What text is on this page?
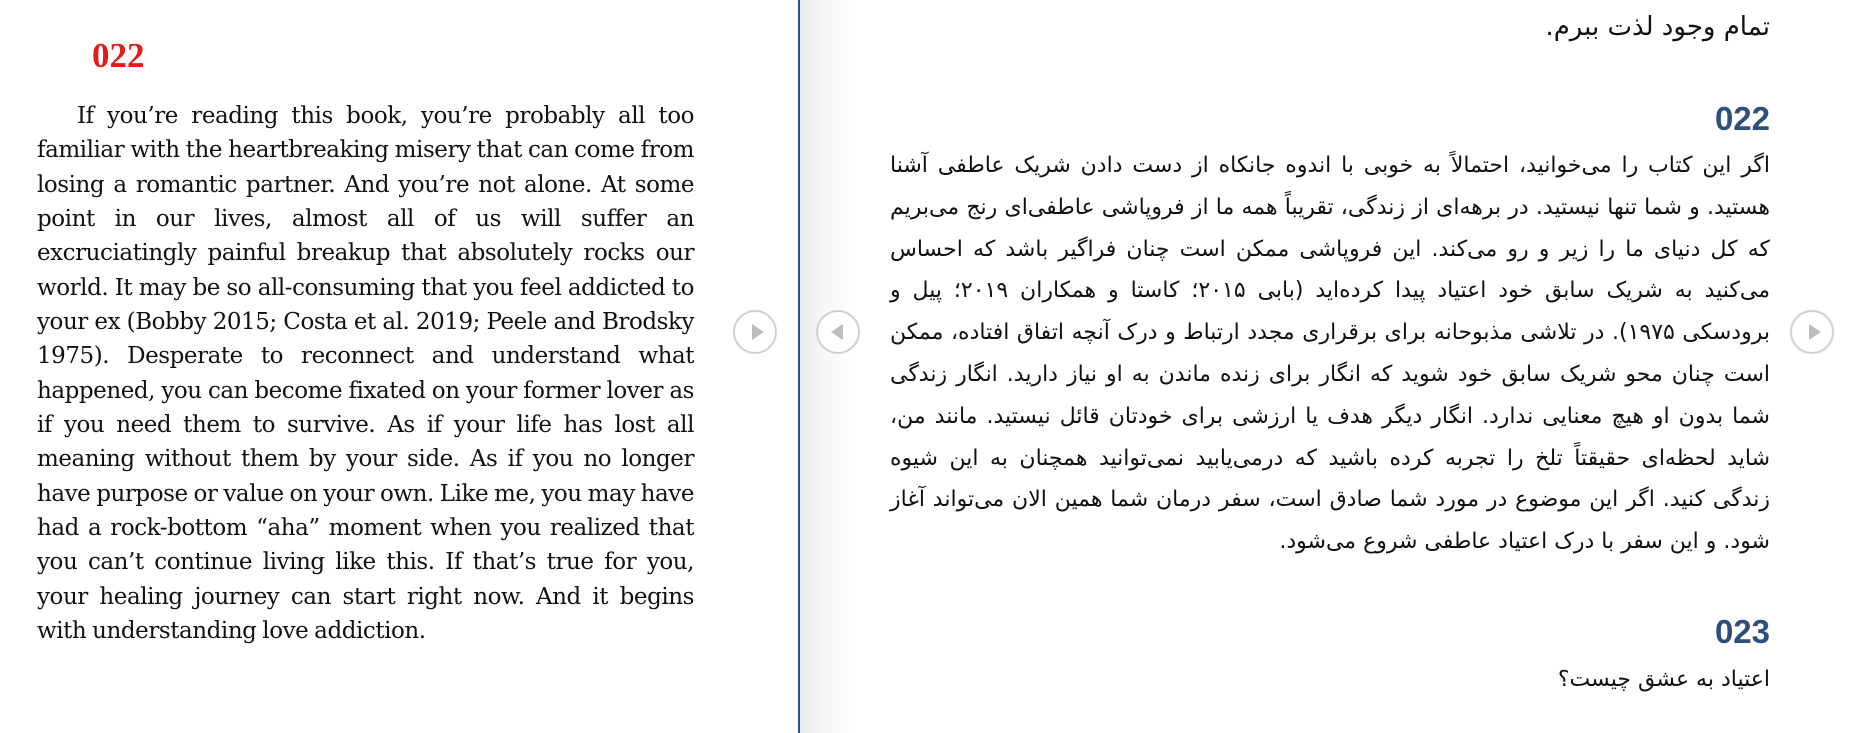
022

If you’re reading this book, you’re probably all too familiar with the heartbreaking misery that can come from losing a romantic partner. And you’re not alone. At some point in our lives, almost all of us will suffer an excruciatingly painful breakup that absolutely rocks our world. It may be so all-consuming that you feel addicted to your ex (Bobby 2015; Costa et al. 2019; Peele and Brodsky 1975). Desperate to reconnect and understand what happened, you can become fixated on your former lover as if you need them to survive. As if your life has lost all meaning without them by your side. As if you no longer have purpose or value on your own. Like me, you may have had a rock-bottom “aha” moment when you realized that you can’t continue living like this. If that’s true for you, your healing journey can start right now. And it begins with understanding love addiction.

تمام وجود لذت ببرم.

022

اگر این کتاب را می‌خوانید، احتمالاً به خوبی با اندوه جانکاه از دست دادن شریک عاطفی آشنا هستید. و شما تنها نیستید. در برهه‌ای از زندگی، تقریباً همه ما از فروپاشی عاطفی‌ای رنج می‌بریم که کل دنیای ما را زیر و رو می‌کند. این فروپاشی ممکن است چنان فراگیر باشد که احساس می‌کنید به شریک سابق خود اعتیاد پیدا کرده‌اید (بابی ۲۰۱۵؛ کاستا و همکاران ۲۰۱۹؛ پیل و برودسکی ۱۹۷۵). در تلاشی مذبوحانه برای برقراری مجدد ارتباط و درک آنچه اتفاق افتاده، ممکن است چنان محو شریک سابق خود شوید که انگار برای زنده ماندن به او نیاز دارید. انگار زندگی شما بدون او هیچ معنایی ندارد. انگار دیگر هدف یا ارزشی برای خودتان قائل نیستید. مانند من، شاید لحظه‌ای حقیقتاً تلخ را تجربه کرده باشید که درمی‌یابید نمی‌توانید همچنان به این شیوه زندگی کنید. اگر این موضوع در مورد شما صادق است، سفر درمان شما همین الان می‌تواند آغاز شود. و این سفر با درک اعتیاد عاطفی شروع می‌شود.

023

اعتیاد به عشق چیست؟
